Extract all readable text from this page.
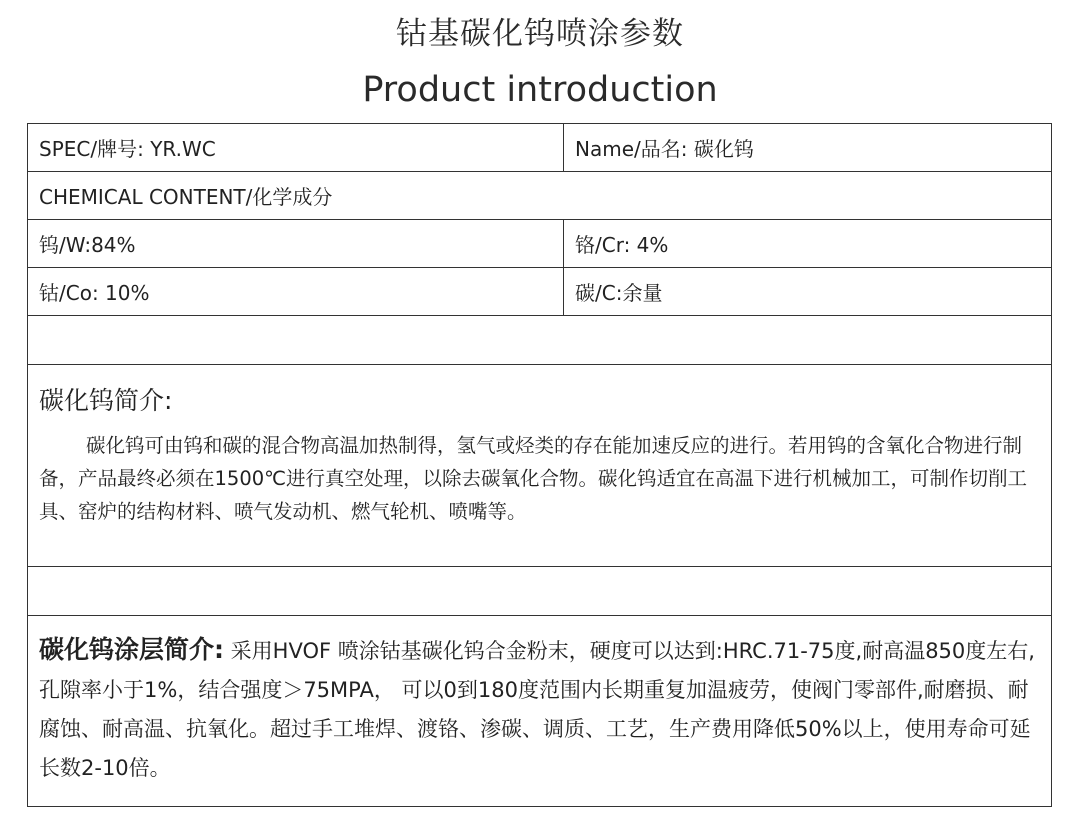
钴基碳化钨喷涂参数
Product introduction
SPEC/牌号: YR.WC	Name/品名: 碳化钨
CHEMICAL CONTENT/化学成分
钨/W:84%	铬/Cr: 4%
钴/Co: 10%	碳/C:余量
碳化钨简介:
碳化钨可由钨和碳的混合物高温加热制得，氢气或烃类的存在能加速反应的进行。若用钨的含氧化合物进行制备，产品最终必须在1500℃进行真空处理，以除去碳氧化合物。碳化钨适宜在高温下进行机械加工，可制作切削工具、窑炉的结构材料、喷气发动机、燃气轮机、喷嘴等。
碳化钨涂层简介: 采用HVOF 喷涂钴基碳化钨合金粉末，硬度可以达到:HRC.71-75度,耐高温850度左右,孔隙率小于1%，结合强度＞75MPA， 可以0到180度范围内长期重复加温疲劳，使阀门零部件,耐磨损、耐腐蚀、耐高温、抗氧化。超过手工堆焊、渡铬、渗碳、调质、工艺，生产费用降低50%以上，使用寿命可延长数2-10倍。
